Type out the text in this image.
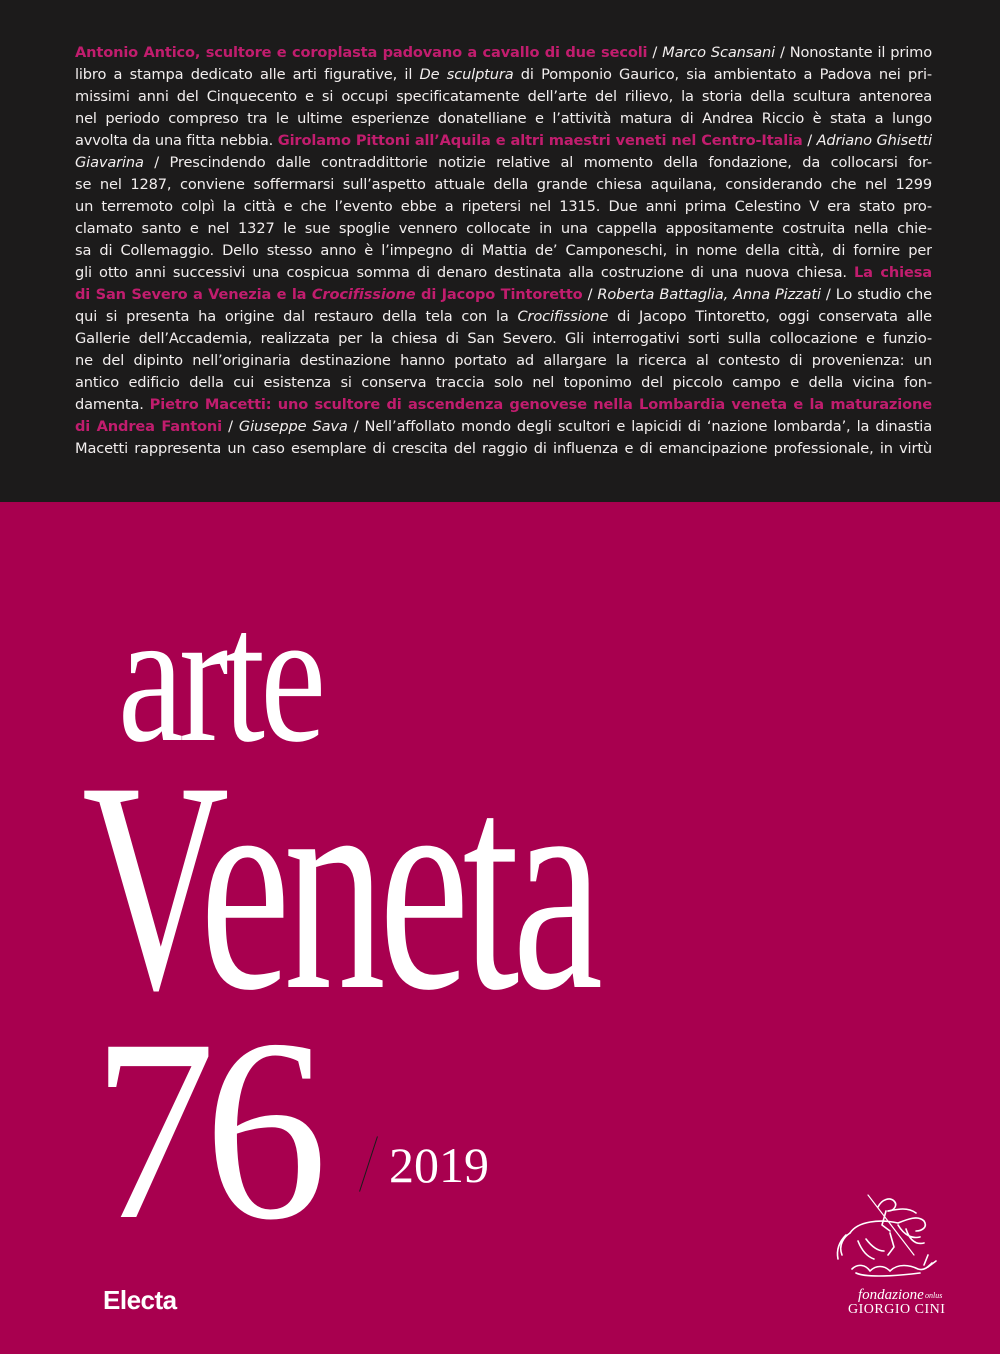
Antonio Antico, scultore e coroplasta padovano a cavallo di due secoli / Marco Scansani / Nonostante il primo
libro a stampa dedicato alle arti figurative, il De sculptura di Pomponio Gaurico, sia ambientato a Padova nei pri-
missimi anni del Cinquecento e si occupi specificatamente dell’arte del rilievo, la storia della scultura antenorea
nel periodo compreso tra le ultime esperienze donatelliane e l’attività matura di Andrea Riccio è stata a lungo
avvolta da una fitta nebbia. Girolamo Pittoni all’Aquila e altri maestri veneti nel Centro-Italia / Adriano Ghisetti
Giavarina / Prescindendo dalle contraddittorie notizie relative al momento della fondazione, da collocarsi for-
se nel 1287, conviene soffermarsi sull’aspetto attuale della grande chiesa aquilana, considerando che nel 1299
un terremoto colpì la città e che l’evento ebbe a ripetersi nel 1315. Due anni prima Celestino V era stato pro-
clamato santo e nel 1327 le sue spoglie vennero collocate in una cappella appositamente costruita nella chie-
sa di Collemaggio. Dello stesso anno è l’impegno di Mattia de’ Camponeschi, in nome della città, di fornire per
gli otto anni successivi una cospicua somma di denaro destinata alla costruzione di una nuova chiesa. La chiesa
di San Severo a Venezia e la Crocifissione di Jacopo Tintoretto / Roberta Battaglia, Anna Pizzati / Lo studio che
qui si presenta ha origine dal restauro della tela con la Crocifissione di Jacopo Tintoretto, oggi conservata alle
Gallerie dell’Accademia, realizzata per la chiesa di San Severo. Gli interrogativi sorti sulla collocazione e funzio-
ne del dipinto nell’originaria destinazione hanno portato ad allargare la ricerca al contesto di provenienza: un
antico edificio della cui esistenza si conserva traccia solo nel toponimo del piccolo campo e della vicina fon-
damenta. Pietro Macetti: uno scultore di ascendenza genovese nella Lombardia veneta e la maturazione
di Andrea Fantoni / Giuseppe Sava / Nell’affollato mondo degli scultori e lapicidi di ‘nazione lombarda’, la dinastia
Macetti rappresenta un caso esemplare di crescita del raggio di influenza e di emancipazione professionale, in virtù
arte
Veneta
76 2019
Electa	fondazione onlus
GIORGIO CINI
